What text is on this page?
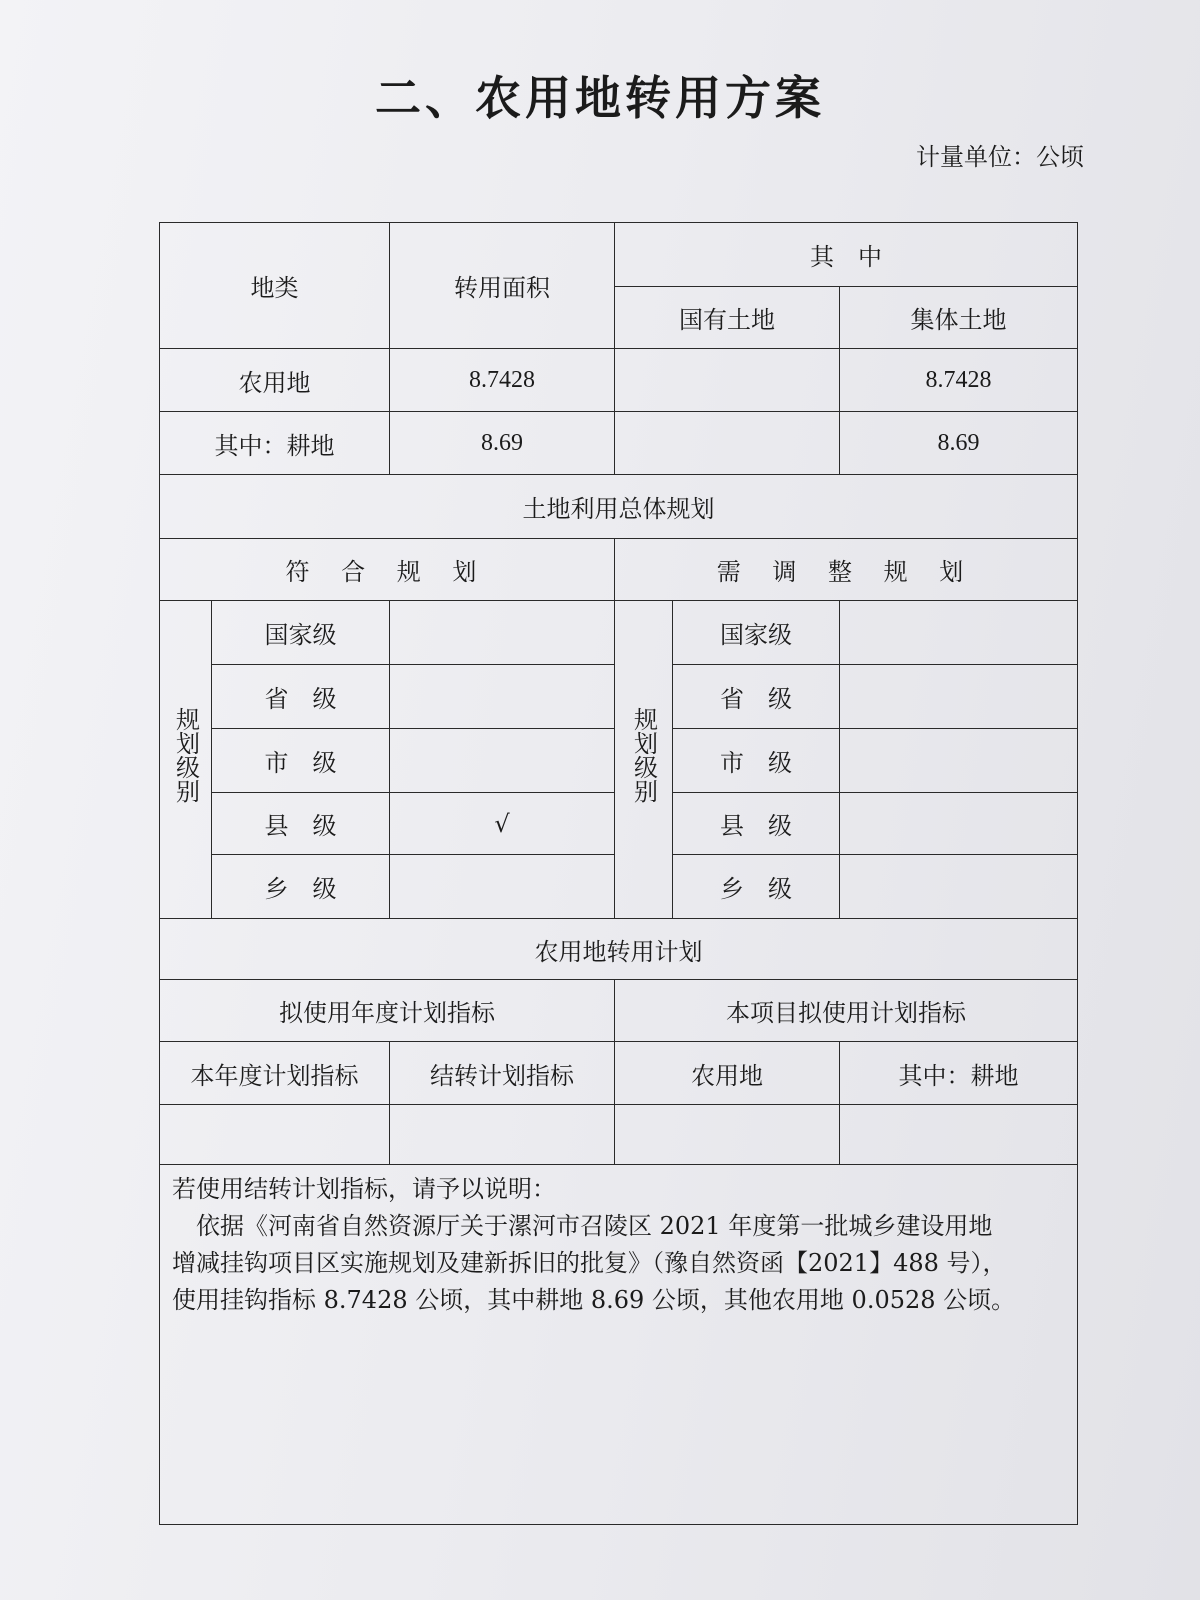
二、农用地转用方案
计量单位：公顷
地类		转用面积	其　中		
			国有土地		集体土地
农用地		8.7428			8.7428
其中：耕地		8.69			8.69
土地利用总体规划					
符 合 规 划			需 调 整 规 划		
规划级别	国家级		规划级别	国家级	
	省　级			省　级	
	市　级			市　级	
	县　级	√		县　级	
	乡　级			乡　级	
农用地转用计划					
拟使用年度计划指标			本项目拟使用计划指标		
本年度计划指标		结转计划指标	农用地		其中：耕地

若使用结转计划指标，请予以说明：
　依据《河南省自然资源厅关于漯河市召陵区 2021 年度第一批城乡建设用地
增减挂钩项目区实施规划及建新拆旧的批复》（豫自然资函【2021】488 号），
使用挂钩指标 8.7428 公顷，其中耕地 8.69 公顷，其他农用地 0.0528 公顷。					
